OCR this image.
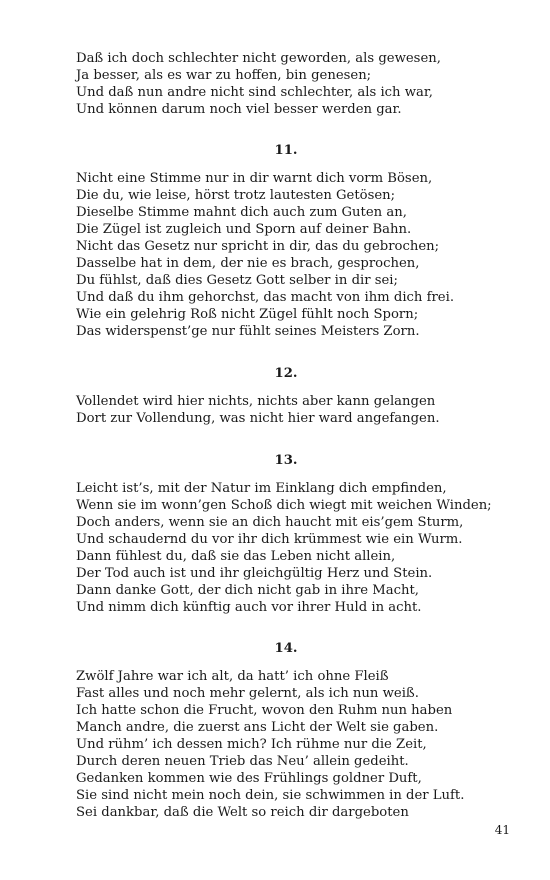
Daß ich doch schlechter nicht geworden, als gewesen,

Ja besser, als es war zu hoffen, bin genesen;

Und daß nun andre nicht sind schlechter, als ich war,

Und können darum noch viel besser werden gar.

11.

Nicht eine Stimme nur in dir warnt dich vorm Bösen,

Die du, wie leise, hörst trotz lautesten Getösen;

Dieselbe Stimme mahnt dich auch zum Guten an,

Die Zügel ist zugleich und Sporn auf deiner Bahn.

Nicht das Gesetz nur spricht in dir, das du gebrochen;

Dasselbe hat in dem, der nie es brach, gesprochen,

Du fühlst, daß dies Gesetz Gott selber in dir sei;

Und daß du ihm gehorchst, das macht von ihm dich frei.

Wie ein gelehrig Roß nicht Zügel fühlt noch Sporn;

Das widerspenst’ge nur fühlt seines Meisters Zorn.

12.

Vollendet wird hier nichts, nichts aber kann gelangen

Dort zur Vollendung, was nicht hier ward angefangen.

13.

Leicht ist’s, mit der Natur im Einklang dich empfinden,

Wenn sie im wonn’gen Schoß dich wiegt mit weichen Winden;

Doch anders, wenn sie an dich haucht mit eis’gem Sturm,

Und schaudernd du vor ihr dich krümmest wie ein Wurm.

Dann fühlest du, daß sie das Leben nicht allein,

Der Tod auch ist und ihr gleichgültig Herz und Stein.

Dann danke Gott, der dich nicht gab in ihre Macht,

Und nimm dich künftig auch vor ihrer Huld in acht.

14.

Zwölf Jahre war ich alt, da hatt’ ich ohne Fleiß

Fast alles und noch mehr gelernt, als ich nun weiß.

Ich hatte schon die Frucht, wovon den Ruhm nun haben

Manch andre, die zuerst ans Licht der Welt sie gaben.

Und rühm’ ich dessen mich? Ich rühme nur die Zeit,

Durch deren neuen Trieb das Neu’ allein gedeiht.

Gedanken kommen wie des Frühlings goldner Duft,

Sie sind nicht mein noch dein, sie schwimmen in der Luft.

Sei dankbar, daß die Welt so reich dir dargeboten

41
